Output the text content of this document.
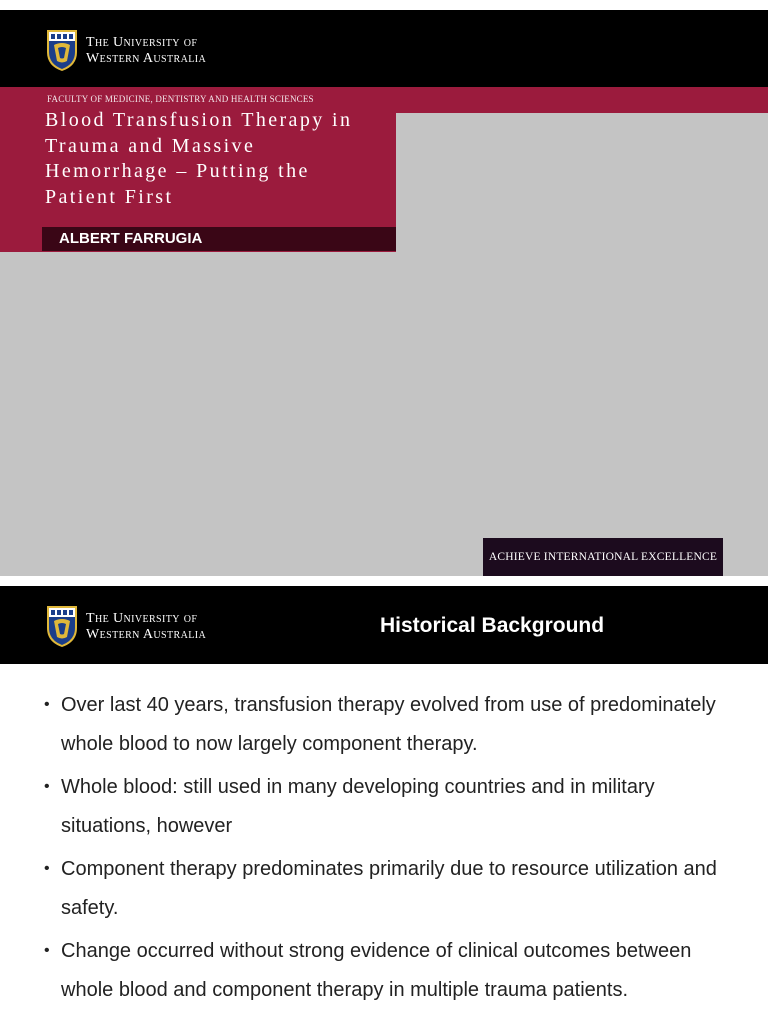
The University of
Western Australia
FACULTY OF MEDICINE, DENTISTRY AND HEALTH SCIENCES
Blood Transfusion Therapy in
Trauma and Massive
Hemorrhage – Putting the
Patient First
ALBERT FARRUGIA
ACHIEVE INTERNATIONAL EXCELLENCE
The University of
Western Australia	Historical Background
• Over last 40 years, transfusion therapy evolved from use of predominately whole blood to now largely component therapy.
• Whole blood: still used in many developing countries and in military situations, however
• Component therapy predominates primarily due to resource utilization and safety.
• Change occurred without strong evidence of clinical outcomes between whole blood and component therapy in multiple trauma patients.
